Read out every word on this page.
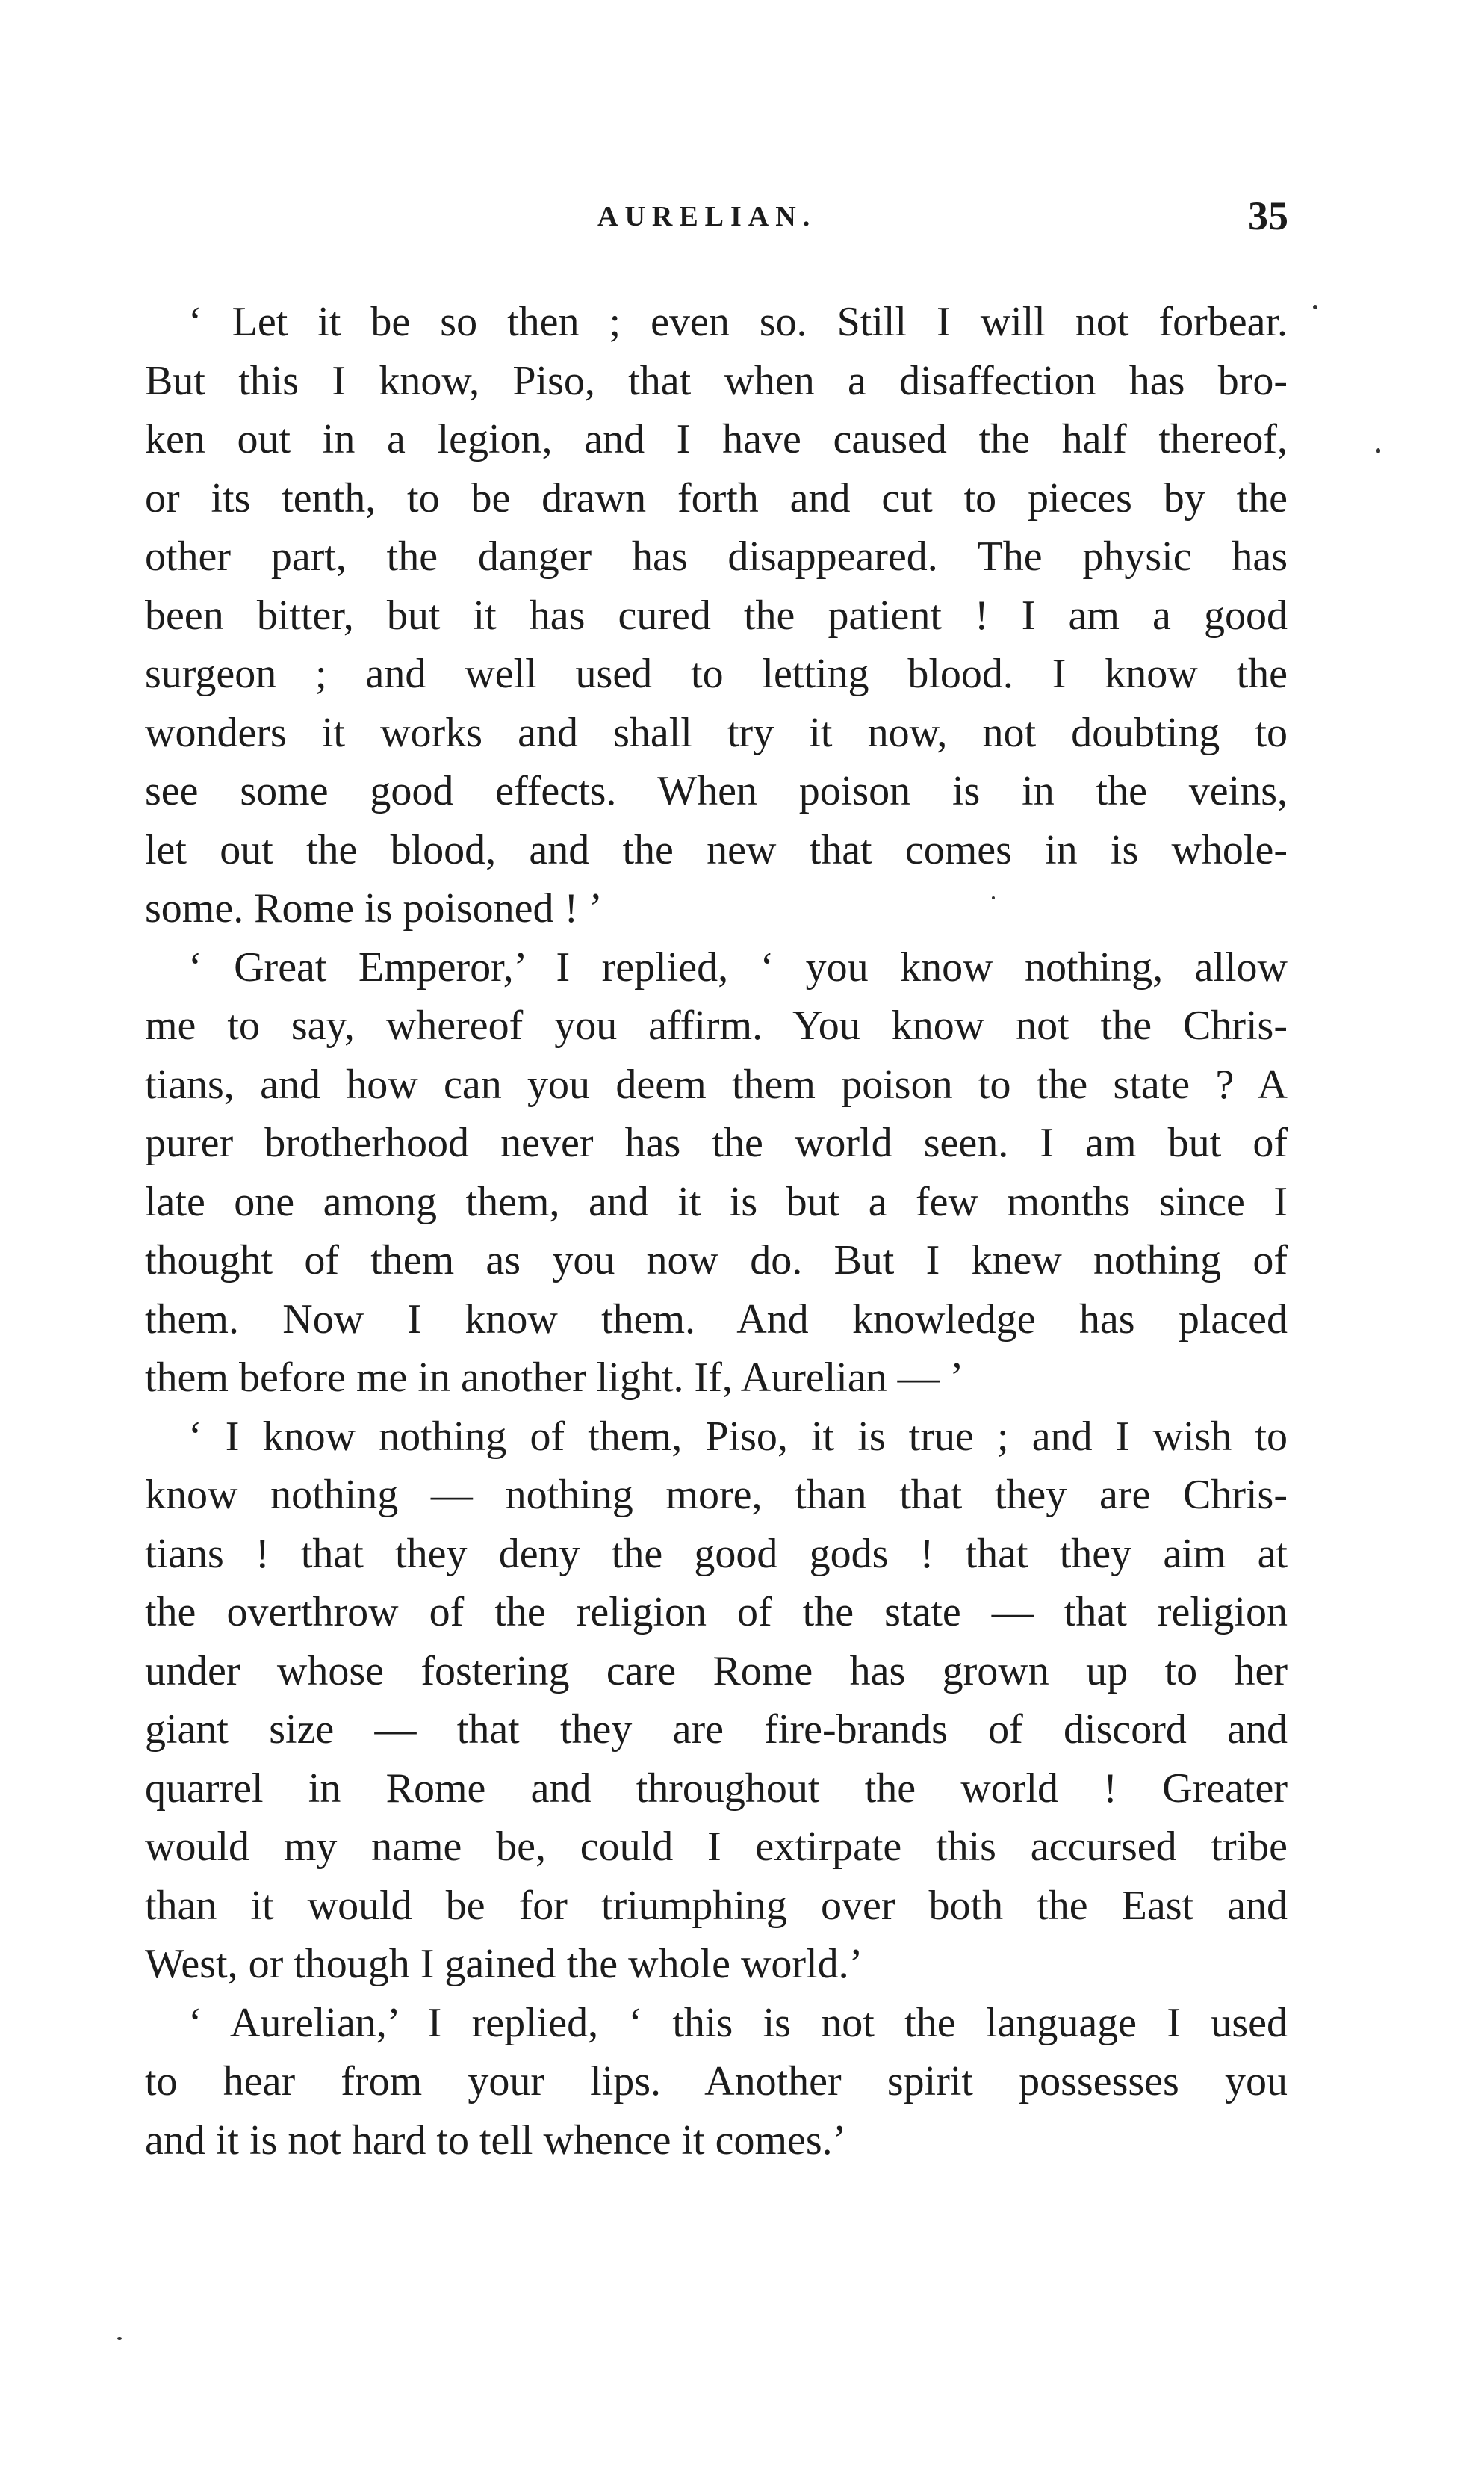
AURELIAN.	35
‘ Let it be so then ; even so. Still I will not forbear.
But this I know, Piso, that when a disaffection has bro-
ken out in a legion, and I have caused the half thereof,
or its tenth, to be drawn forth and cut to pieces by the
other part, the danger has disappeared. The physic has
been bitter, but it has cured the patient ! I am a good
surgeon ; and well used to letting blood. I know the
wonders it works and shall try it now, not doubting to
see some good effects. When poison is in the veins,
let out the blood, and the new that comes in is whole-
some. Rome is poisoned ! ’
‘ Great Emperor,’ I replied, ‘ you know nothing, allow
me to say, whereof you affirm. You know not the Chris-
tians, and how can you deem them poison to the state ? A
purer brotherhood never has the world seen. I am but of
late one among them, and it is but a few months since I
thought of them as you now do. But I knew nothing of
them. Now I know them. And knowledge has placed
them before me in another light. If, Aurelian — ’
‘ I know nothing of them, Piso, it is true ; and I wish to
know nothing — nothing more, than that they are Chris-
tians ! that they deny the good gods ! that they aim at
the overthrow of the religion of the state — that religion
under whose fostering care Rome has grown up to her
giant size — that they are fire-brands of discord and
quarrel in Rome and throughout the world ! Greater
would my name be, could I extirpate this accursed tribe
than it would be for triumphing over both the East and
West, or though I gained the whole world.’
‘ Aurelian,’ I replied, ‘ this is not the language I used
to hear from your lips. Another spirit possesses you
and it is not hard to tell whence it comes.’
